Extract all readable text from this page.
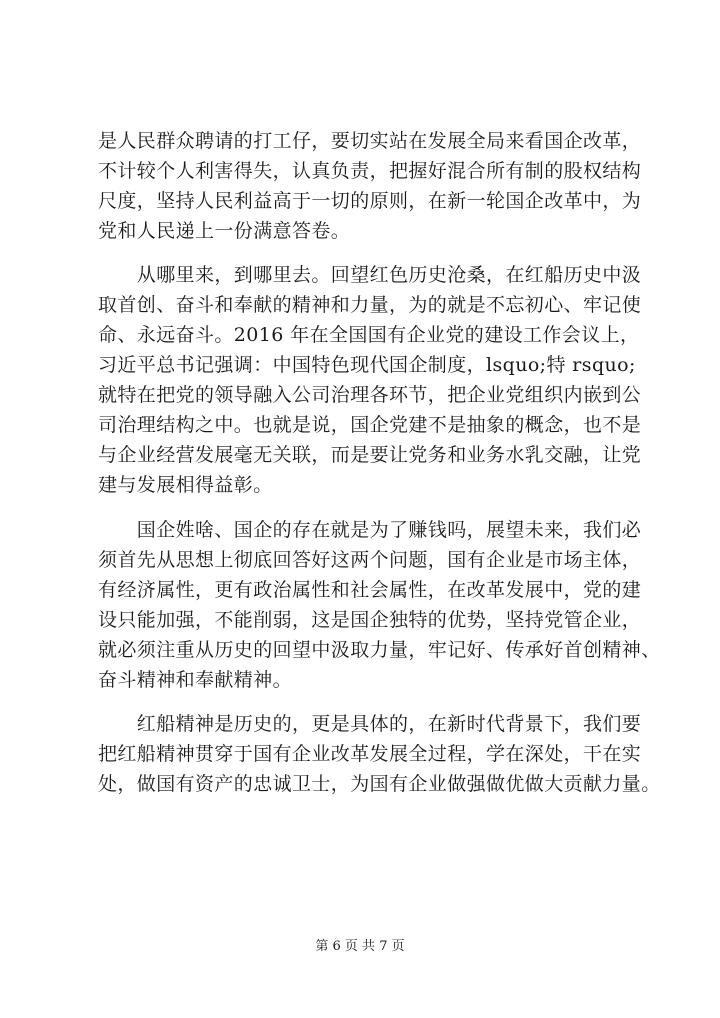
是人民群众聘请的打工仔，要切实站在发展全局来看国企改革，

不计较个人利害得失，认真负责，把握好混合所有制的股权结构

尺度，坚持人民利益高于一切的原则，在新一轮国企改革中，为

党和人民递上一份满意答卷。

　　从哪里来，到哪里去。回望红色历史沧桑，在红船历史中汲

取首创、奋斗和奉献的精神和力量，为的就是不忘初心、牢记使

命、永远奋斗。2016 年在全国国有企业党的建设工作会议上，

习近平总书记强调：中国特色现代国企制度，lsquo;特 rsquo;

就特在把党的领导融入公司治理各环节，把企业党组织内嵌到公

司治理结构之中。也就是说，国企党建不是抽象的概念，也不是

与企业经营发展毫无关联，而是要让党务和业务水乳交融，让党

建与发展相得益彰。

　　国企姓啥、国企的存在就是为了赚钱吗，展望未来，我们必

须首先从思想上彻底回答好这两个问题，国有企业是市场主体，

有经济属性，更有政治属性和社会属性，在改革发展中，党的建

设只能加强，不能削弱，这是国企独特的优势，坚持党管企业，

就必须注重从历史的回望中汲取力量，牢记好、传承好首创精神、

奋斗精神和奉献精神。

　　红船精神是历史的，更是具体的，在新时代背景下，我们要

把红船精神贯穿于国有企业改革发展全过程，学在深处，干在实

处，做国有资产的忠诚卫士，为国有企业做强做优做大贡献力量。

第 6 页 共 7 页
